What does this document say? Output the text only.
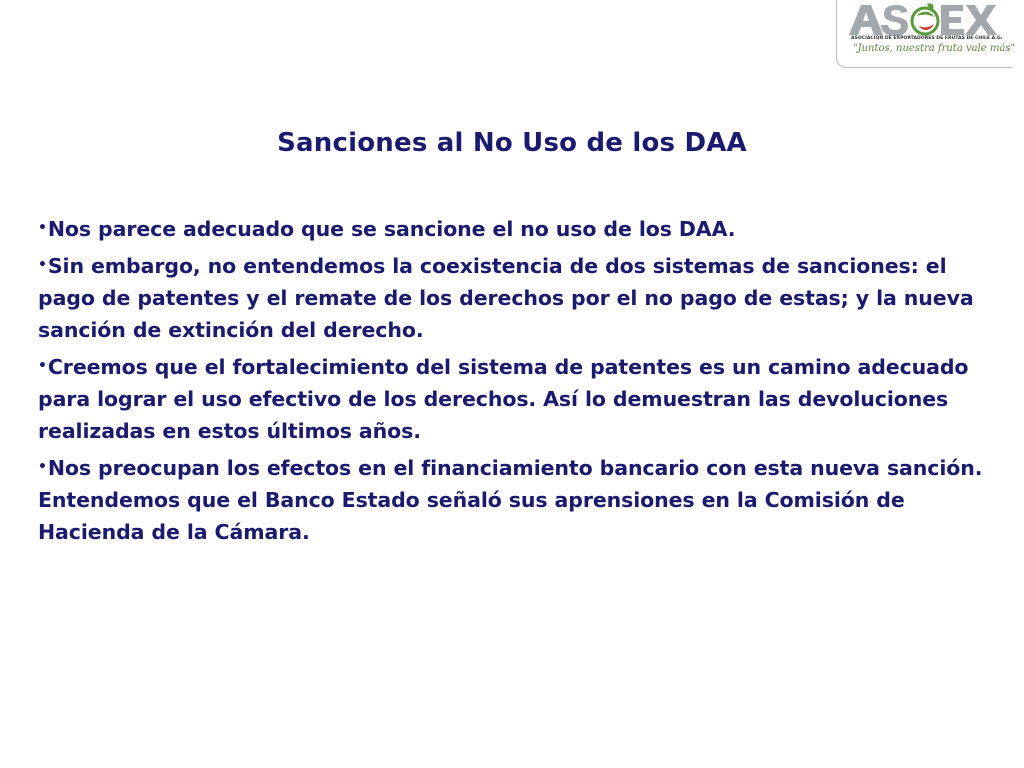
ASOCIACIÓN DE EXPORTADORES DE FRUTAS DE CHILE A.G.
"Juntos, nuestra fruta vale más"
Sanciones al No Uso de los DAA
•Nos parece adecuado que se sancione el no uso de los DAA.
•Sin embargo, no entendemos la coexistencia de dos sistemas de sanciones: el pago de patentes y el remate de los derechos por el no pago de estas; y la nueva sanción de extinción del derecho.
•Creemos que el fortalecimiento del sistema de patentes es un camino adecuado para lograr el uso efectivo de los derechos. Así lo demuestran las devoluciones realizadas en estos últimos años.
•Nos preocupan los efectos en el financiamiento bancario con esta nueva sanción. Entendemos que el Banco Estado señaló sus aprensiones en la Comisión de Hacienda de la Cámara.
